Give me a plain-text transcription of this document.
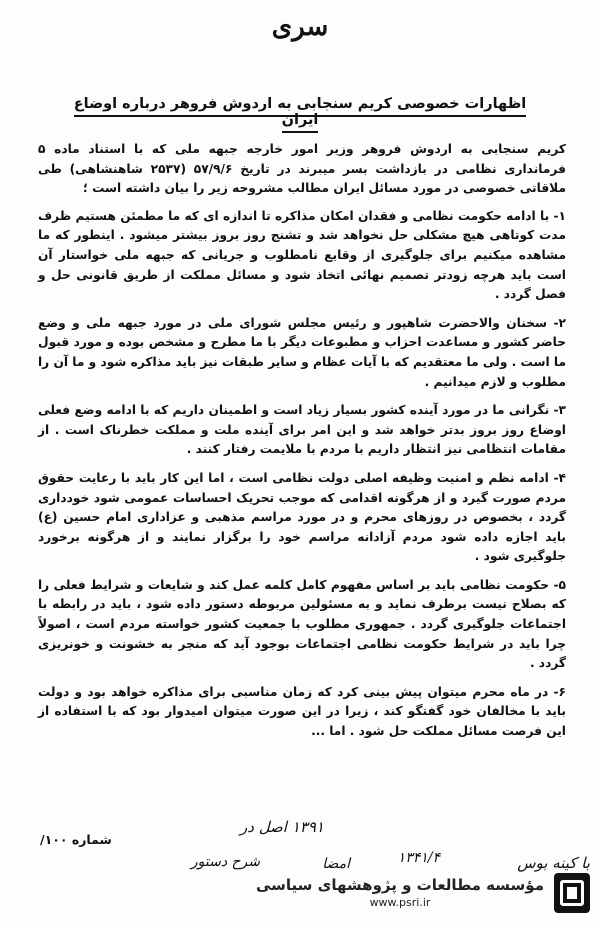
سری
اظهارات خصوصی کریم سنجابی به اردوش فروهر درباره اوضاع ایران

کریم سنجابی به اردوش فروهر وزیر امور خارجه جبهه ملی که با استناد ماده ۵ فرمانداری نظامی در بازداشت بسر میبرند در تاریخ ۵۷/۹/۶ (۲۵۳۷ شاهنشاهی) طی ملاقاتی خصوصی در مورد مسائل ایران مطالب مشروحه زیر را بیان داشته است ؛

۱- با ادامه حکومت نظامی و فقدان امکان مذاکره تا اندازه ای که ما مطمئن هستیم ظرف مدت کوتاهی هیچ مشکلی حل نخواهد شد و تشنج روز بروز بیشتر میشود . اینطور که ما مشاهده میکنیم برای جلوگیری از وقایع نامطلوب و جریانی که جبهه ملی خواستار آن است باید هرچه زودتر تصمیم نهائی اتخاذ شود و مسائل مملکت از طریق قانونی حل و فصل گردد .

۲- سخنان والاحضرت شاهپور و رئیس مجلس شورای ملی در مورد جبهه ملی و وضع حاضر کشور و مساعدت احزاب و مطبوعات دیگر با ما مطرح و مشخص بوده و مورد قبول ما است . ولی ما معتقدیم که با آیات عظام و سایر طبقات نیز باید مذاکره شود و ما آن را مطلوب و لازم میدانیم .

۳- نگرانی ما در مورد آینده کشور بسیار زیاد است و اطمینان داریم که با ادامه وضع فعلی اوضاع روز بروز بدتر خواهد شد و این امر برای آینده ملت و مملکت خطرناک است . از مقامات انتظامی نیز انتظار داریم با مردم با ملایمت رفتار کنند .

۴- ادامه نظم و امنیت وظیفه اصلی دولت نظامی است ، اما این کار باید با رعایت حقوق مردم صورت گیرد و از هرگونه اقدامی که موجب تحریک احساسات عمومی شود خودداری گردد ، بخصوص در روزهای محرم و در مورد مراسم مذهبی و عزاداری امام حسین (ع) باید اجازه داده شود مردم آزادانه مراسم خود را برگزار نمایند و از هرگونه برخورد جلوگیری شود .

۵- حکومت نظامی باید بر اساس مفهوم کامل کلمه عمل کند و شایعات و شرایط فعلی را که بصلاح نیست برطرف نماید و به مسئولین مربوطه دستور داده شود ، باید در رابطه با اجتماعات جلوگیری گردد . جمهوری مطلوب با جمعیت کشور خواسته مردم است ، اصولاً چرا باید در شرایط حکومت نظامی اجتماعات بوجود آید که منجر به خشونت و خونریزی گردد .

۶- در ماه محرم میتوان پیش بینی کرد که زمان مناسبی برای مذاکره خواهد بود و دولت باید با مخالفان خود گفتگو کند ، زیرا در این صورت میتوان امیدوار بود که با استفاده از این فرصت مسائل مملکت حل شود . اما ...

۱۳۹۱ اصل در
شماره ۱۰۰/
با کینه بوس
۱۳۴۱/۴
امضا
شرح دستور
مؤسسه مطالعات و پژوهشهای سیاسی
www.psri.ir
